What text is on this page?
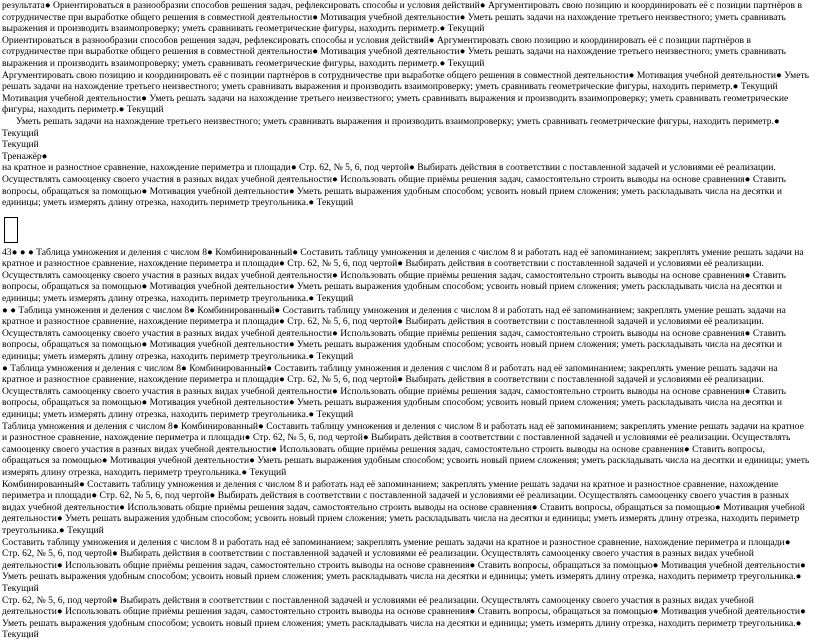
результата● Ориентироваться в разнообразии способов решения задач, рефлексировать способы и условия действий● Аргументировать свою позицию и координировать её с позиции партнёров в сотрудничестве при выработке общего решения в совместной деятельности● Мотивация учебной деятельности● Уметь решать задачи на нахождение третьего неизвестного; уметь сравнивать выражения и производить взаимопроверку; уметь сравнивать геометрические фигуры, находить периметр.● Текущий

Ориентироваться в разнообразии способов решения задач, рефлексировать способы и условия действий● Аргументировать свою позицию и координировать её с позиции партнёров в сотрудничестве при выработке общего решения в совместной деятельности● Мотивация учебной деятельности● Уметь решать задачи на нахождение третьего неизвестного; уметь сравнивать выражения и производить взаимопроверку; уметь сравнивать геометрические фигуры, находить периметр.● Текущий

Аргументировать свою позицию и координировать её с позиции партнёров в сотрудничестве при выработке общего решения в совместной деятельности● Мотивация учебной деятельности● Уметь решать задачи на нахождение третьего неизвестного; уметь сравнивать выражения и производить взаимопроверку; уметь сравнивать геометрические фигуры, находить периметр.● Текущий

Мотивация учебной деятельности● Уметь решать задачи на нахождение третьего неизвестного; уметь сравнивать выражения и производить взаимопроверку; уметь сравнивать геометрические фигуры, находить периметр.● Текущий

Уметь решать задачи на нахождение третьего неизвестного; уметь сравнивать выражения и производить взаимопроверку; уметь сравнивать геометрические фигуры, находить периметр.● Текущий

Текущий

Тренажёр●

на кратное и разностное сравнение, нахождение периметра и площади● Стр. 62, № 5, 6, под чертой● Выбирать действия в соответствии с поставленной задачей и условиями её реализации. Осуществлять самооценку своего участия в разных видах учебной деятельности● Использовать общие приёмы решения задач, самостоятельно строить выводы на основе сравнения● Ставить вопросы, обращаться за помощью● Мотивация учебной деятельности● Уметь решать выражения удобным способом; усвоить новый прием сложения; уметь раскладывать числа на десятки и единицы; уметь измерять длину отрезка, находить периметр треугольника.● Текущий

43● ● ● Таблица умножения и деления с числом 8● Комбинированный● Составить таблицу умножения и деления с числом 8 и работать над её запоминанием; закреплять умение решать задачи на кратное и разностное сравнение, нахождение периметра и площади● Стр. 62, № 5, 6, под чертой● Выбирать действия в соответствии с поставленной задачей и условиями её реализации. Осуществлять самооценку своего участия в разных видах учебной деятельности● Использовать общие приёмы решения задач, самостоятельно строить выводы на основе сравнения● Ставить вопросы, обращаться за помощью● Мотивация учебной деятельности● Уметь решать выражения удобным способом; усвоить новый прием сложения; уметь раскладывать числа на десятки и единицы; уметь измерять длину отрезка, находить периметр треугольника.● Текущий

● ● Таблица умножения и деления с числом 8● Комбинированный● Составить таблицу умножения и деления с числом 8 и работать над её запоминанием; закреплять умение решать задачи на кратное и разностное сравнение, нахождение периметра и площади● Стр. 62, № 5, 6, под чертой● Выбирать действия в соответствии с поставленной задачей и условиями её реализации. Осуществлять самооценку своего участия в разных видах учебной деятельности● Использовать общие приёмы решения задач, самостоятельно строить выводы на основе сравнения● Ставить вопросы, обращаться за помощью● Мотивация учебной деятельности● Уметь решать выражения удобным способом; усвоить новый прием сложения; уметь раскладывать числа на десятки и единицы; уметь измерять длину отрезка, находить периметр треугольника.● Текущий

● Таблица умножения и деления с числом 8● Комбинированный● Составить таблицу умножения и деления с числом 8 и работать над её запоминанием; закреплять умение решать задачи на кратное и разностное сравнение, нахождение периметра и площади● Стр. 62, № 5, 6, под чертой● Выбирать действия в соответствии с поставленной задачей и условиями её реализации. Осуществлять самооценку своего участия в разных видах учебной деятельности● Использовать общие приёмы решения задач, самостоятельно строить выводы на основе сравнения● Ставить вопросы, обращаться за помощью● Мотивация учебной деятельности● Уметь решать выражения удобным способом; усвоить новый прием сложения; уметь раскладывать числа на десятки и единицы; уметь измерять длину отрезка, находить периметр треугольника.● Текущий

Таблица умножения и деления с числом 8● Комбинированный● Составить таблицу умножения и деления с числом 8 и работать над её запоминанием; закреплять умение решать задачи на кратное и разностное сравнение, нахождение периметра и площади● Стр. 62, № 5, 6, под чертой● Выбирать действия в соответствии с поставленной задачей и условиями её реализации. Осуществлять самооценку своего участия в разных видах учебной деятельности● Использовать общие приёмы решения задач, самостоятельно строить выводы на основе сравнения● Ставить вопросы, обращаться за помощью● Мотивация учебной деятельности● Уметь решать выражения удобным способом; усвоить новый прием сложения; уметь раскладывать числа на десятки и единицы; уметь измерять длину отрезка, находить периметр треугольника.● Текущий

Комбинированный● Составить таблицу умножения и деления с числом 8 и работать над её запоминанием; закреплять умение решать задачи на кратное и разностное сравнение, нахождение периметра и площади● Стр. 62, № 5, 6, под чертой● Выбирать действия в соответствии с поставленной задачей и условиями её реализации. Осуществлять самооценку своего участия в разных видах учебной деятельности● Использовать общие приёмы решения задач, самостоятельно строить выводы на основе сравнения● Ставить вопросы, обращаться за помощью● Мотивация учебной деятельности● Уметь решать выражения удобным способом; усвоить новый прием сложения; уметь раскладывать числа на десятки и единицы; уметь измерять длину отрезка, находить периметр треугольника.● Текущий

Составить таблицу умножения и деления с числом 8 и работать над её запоминанием; закреплять умение решать задачи на кратное и разностное сравнение, нахождение периметра и площади● Стр. 62, № 5, 6, под чертой● Выбирать действия в соответствии с поставленной задачей и условиями её реализации. Осуществлять самооценку своего участия в разных видах учебной деятельности● Использовать общие приёмы решения задач, самостоятельно строить выводы на основе сравнения● Ставить вопросы, обращаться за помощью● Мотивация учебной деятельности● Уметь решать выражения удобным способом; усвоить новый прием сложения; уметь раскладывать числа на десятки и единицы; уметь измерять длину отрезка, находить периметр треугольника.● Текущий

Стр. 62, № 5, 6, под чертой● Выбирать действия в соответствии с поставленной задачей и условиями её реализации. Осуществлять самооценку своего участия в разных видах учебной деятельности● Использовать общие приёмы решения задач, самостоятельно строить выводы на основе сравнения● Ставить вопросы, обращаться за помощью● Мотивация учебной деятельности● Уметь решать выражения удобным способом; усвоить новый прием сложения; уметь раскладывать числа на десятки и единицы; уметь измерять длину отрезка, находить периметр треугольника.● Текущий
